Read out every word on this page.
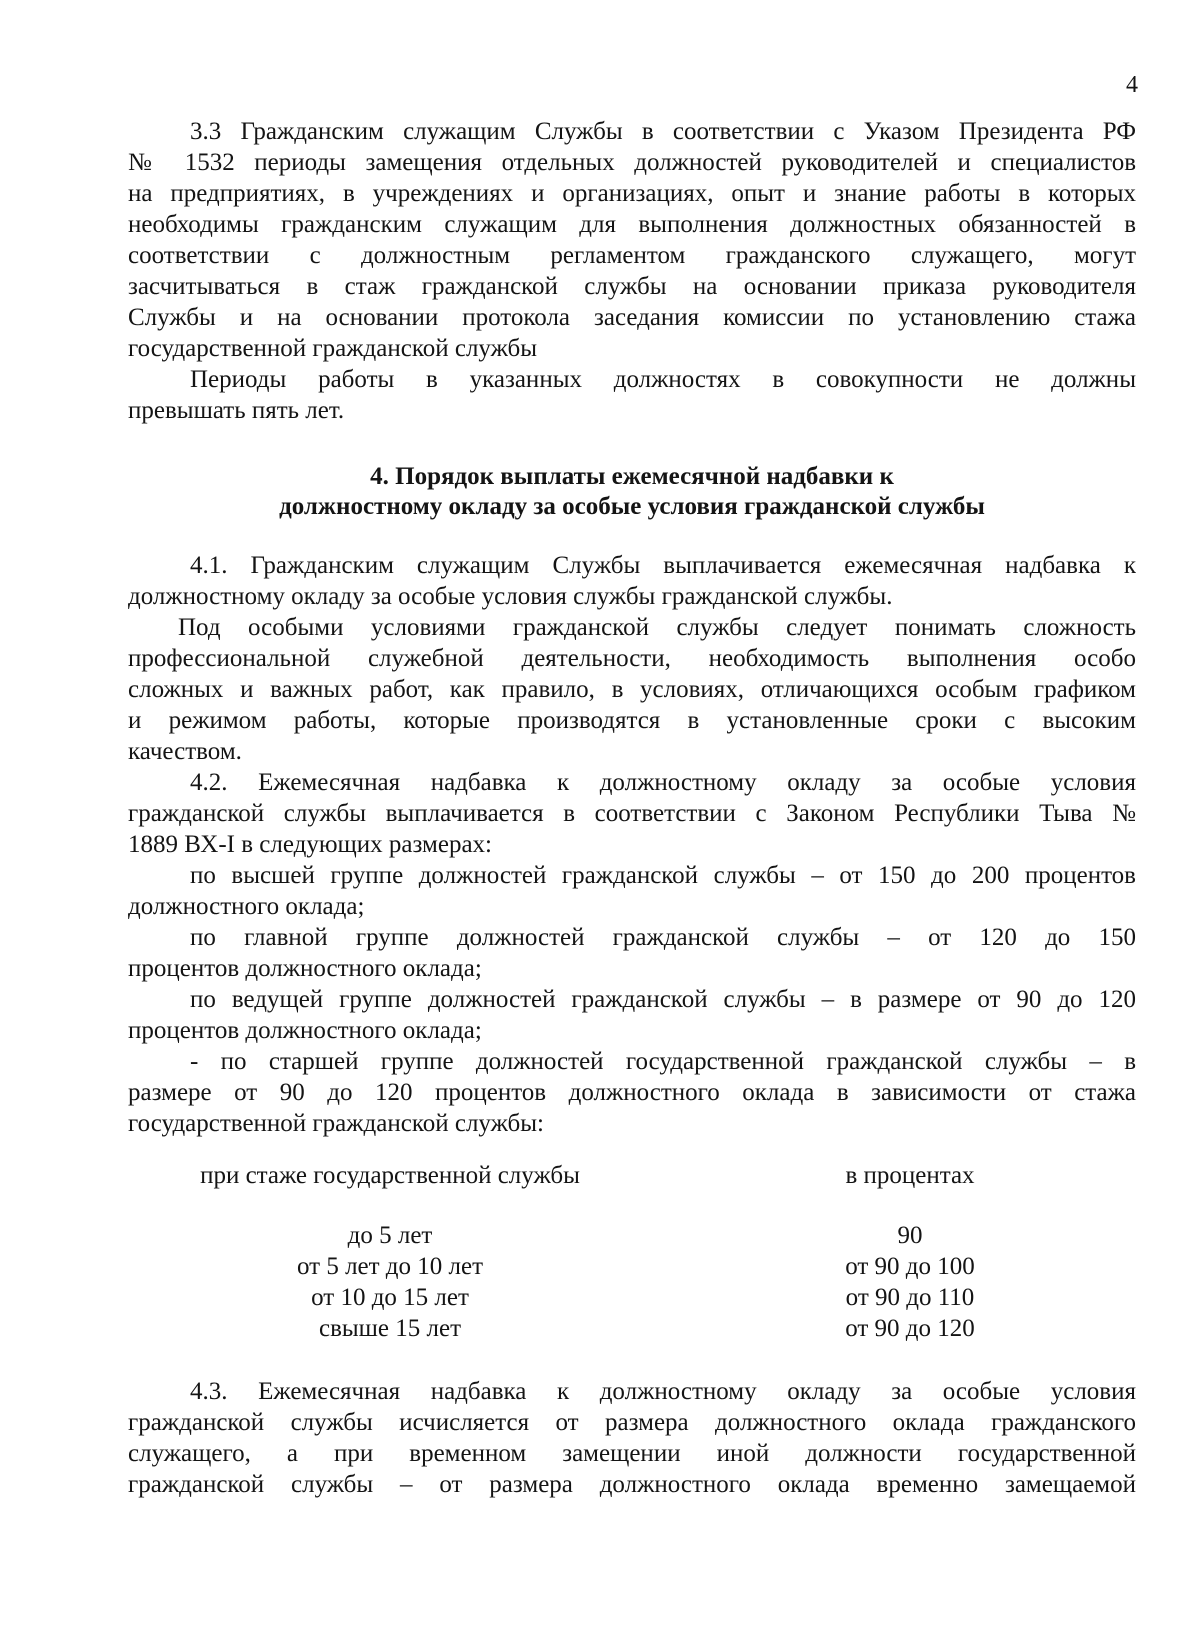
4
3.3 Гражданским служащим Службы в соответствии с Указом Президента РФ
№ 1532 периоды замещения отдельных должностей руководителей и специалистов
на предприятиях, в учреждениях и организациях, опыт и знание работы в которых
необходимы гражданским служащим для выполнения должностных обязанностей в
соответствии с должностным регламентом гражданского служащего, могут
засчитываться в стаж гражданской службы на основании приказа руководителя
Службы и на основании протокола заседания комиссии по установлению стажа
государственной гражданской службы
Периоды работы в указанных должностях в совокупности не должны
превышать пять лет.
4. Порядок выплаты ежемесячной надбавки к
должностному окладу за особые условия гражданской службы
4.1. Гражданским служащим Службы выплачивается ежемесячная надбавка к
должностному окладу за особые условия службы гражданской службы.
Под особыми условиями гражданской службы следует понимать сложность
профессиональной служебной деятельности, необходимость выполнения особо
сложных и важных работ, как правило, в условиях, отличающихся особым графиком
и режимом работы, которые производятся в установленные сроки с высоким
качеством.
4.2. Ежемесячная надбавка к должностному окладу за особые условия
гражданской службы выплачивается в соответствии с Законом Республики Тыва №
1889 ВХ-I в следующих размерах:
по высшей группе должностей гражданской службы – от 150 до 200 процентов
должностного оклада;
по главной группе должностей гражданской службы – от 120 до 150
процентов должностного оклада;
по ведущей группе должностей гражданской службы – в размере от 90 до 120
процентов должностного оклада;
- по старшей группе должностей государственной гражданской службы – в
размере от 90 до 120 процентов должностного оклада в зависимости от стажа
государственной гражданской службы:
при стаже государственной службы	в процентах
до 5 лет	90
от 5 лет до 10 лет	от 90 до 100
от 10 до 15 лет	от 90 до 110
свыше 15 лет	от 90 до 120
4.3. Ежемесячная надбавка к должностному окладу за особые условия
гражданской службы исчисляется от размера должностного оклада гражданского
служащего, а при временном замещении иной должности государственной
гражданской службы – от размера должностного оклада временно замещаемой
